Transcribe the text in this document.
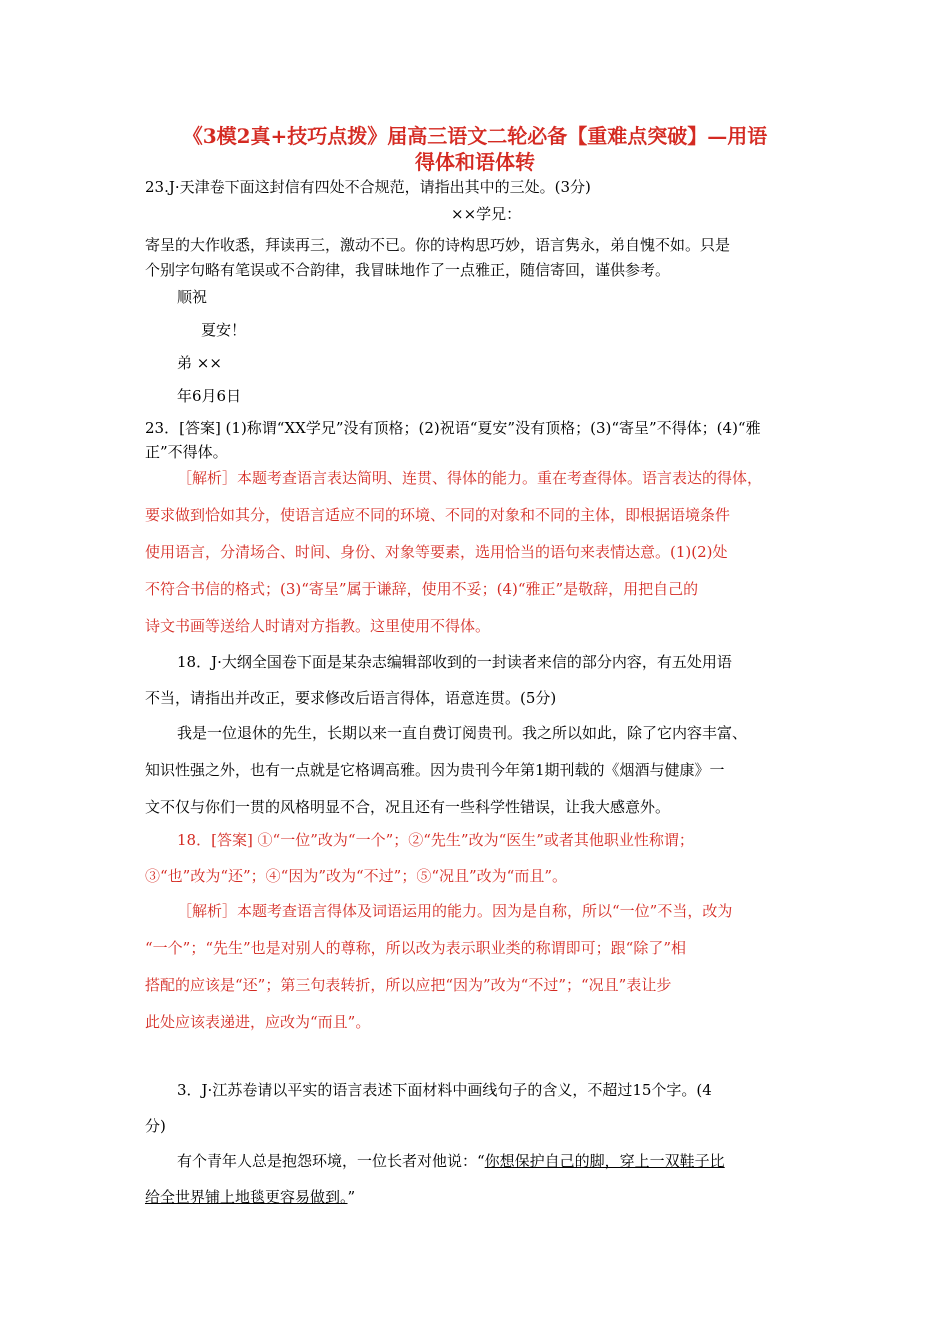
《3模2真+技巧点拨》届高三语文二轮必备【重难点突破】—用语
得体和语体转

23.J·天津卷下面这封信有四处不合规范，请指出其中的三处。(3分)

××学兄：

寄呈的大作收悉，拜读再三，激动不已。你的诗构思巧妙，语言隽永，弟自愧不如。只是

个别字句略有笔误或不合韵律，我冒昧地作了一点雅正，随信寄回，谨供参考。

顺祝

夏安！

弟 ××

年6月6日

23．[答案] (1)称谓“XX学兄”没有顶格；(2)祝语“夏安”没有顶格；(3)“寄呈”不得体；(4)“雅

正”不得体。

［解析］本题考查语言表达简明、连贯、得体的能力。重在考查得体。语言表达的得体，

要求做到恰如其分，使语言适应不同的环境、不同的对象和不同的主体，即根据语境条件

使用语言，分清场合、时间、身份、对象等要素，选用恰当的语句来表情达意。(1)(2)处

不符合书信的格式；(3)“寄呈”属于谦辞，使用不妥；(4)“雅正”是敬辞，用把自己的

诗文书画等送给人时请对方指教。这里使用不得体。

18．J·大纲全国卷下面是某杂志编辑部收到的一封读者来信的部分内容，有五处用语

不当，请指出并改正，要求修改后语言得体，语意连贯。(5分)

我是一位退休的先生，长期以来一直自费订阅贵刊。我之所以如此，除了它内容丰富、

知识性强之外，也有一点就是它格调高雅。因为贵刊今年第1期刊载的《烟酒与健康》一

文不仅与你们一贯的风格明显不合，况且还有一些科学性错误，让我大感意外。

18．[答案] ①“一位”改为“一个”；②“先生”改为“医生”或者其他职业性称谓；

③“也”改为“还”；④“因为”改为“不过”；⑤“况且”改为“而且”。

［解析］本题考查语言得体及词语运用的能力。因为是自称，所以“一位”不当，改为

“一个”；“先生”也是对别人的尊称，所以改为表示职业类的称谓即可；跟“除了”相

搭配的应该是“还”；第三句表转折，所以应把“因为”改为“不过”；“况且”表让步

此处应该表递进，应改为“而且”。

3．J·江苏卷请以平实的语言表述下面材料中画线句子的含义，不超过15个字。(4

分)

有个青年人总是抱怨环境，一位长者对他说：“你想保护自己的脚，穿上一双鞋子比

给全世界铺上地毯更容易做到。”
